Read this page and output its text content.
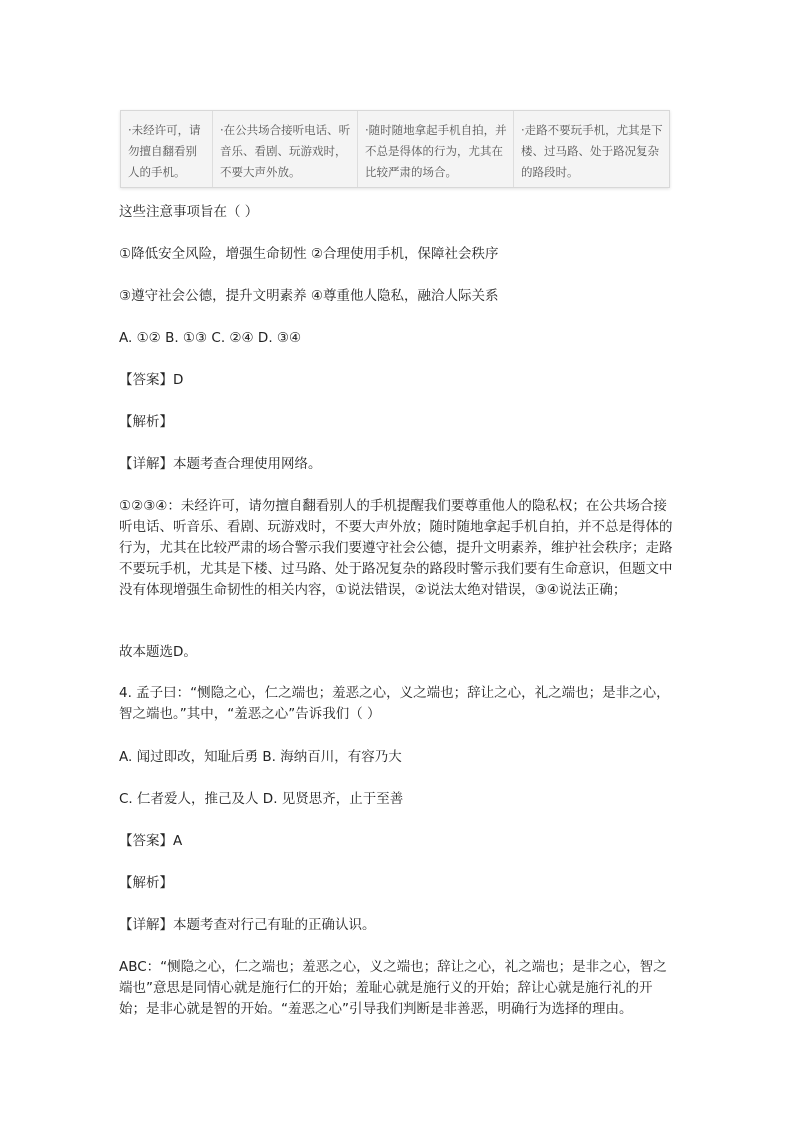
·未经许可，请勿擅自翻看别人的手机。
·在公共场合接听电话、听音乐、看剧、玩游戏时，不要大声外放。
·随时随地拿起手机自拍，并不总是得体的行为，尤其在比较严肃的场合。
·走路不要玩手机，尤其是下楼、过马路、处于路况复杂的路段时。

这些注意事项旨在（ ）

①降低安全风险，增强生命韧性 ②合理使用手机，保障社会秩序

③遵守社会公德，提升文明素养 ④尊重他人隐私，融洽人际关系

A. ①② B. ①③ C. ②④ D. ③④

【答案】D

【解析】

【详解】本题考查合理使用网络。

①②③④：未经许可，请勿擅自翻看别人的手机提醒我们要尊重他人的隐私权；在公共场合接听电话、听音乐、看剧、玩游戏时，不要大声外放；随时随地拿起手机自拍，并不总是得体的行为，尤其在比较严肃的场合警示我们要遵守社会公德，提升文明素养，维护社会秩序；走路不要玩手机，尤其是下楼、过马路、处于路况复杂的路段时警示我们要有生命意识，但题文中没有体现增强生命韧性的相关内容，①说法错误，②说法太绝对错误，③④说法正确；

故本题选D。

4. 孟子曰：“恻隐之心，仁之端也；羞恶之心，义之端也；辞让之心，礼之端也；是非之心，智之端也。”其中，“羞恶之心”告诉我们（ ）

A. 闻过即改，知耻后勇 B. 海纳百川，有容乃大

C. 仁者爱人，推己及人 D. 见贤思齐，止于至善

【答案】A

【解析】

【详解】本题考查对行己有耻的正确认识。

ABC：“恻隐之心，仁之端也；羞恶之心，义之端也；辞让之心，礼之端也；是非之心，智之端也”意思是同情心就是施行仁的开始；羞耻心就是施行义的开始；辞让心就是施行礼的开始；是非心就是智的开始。“羞恶之心”引导我们判断是非善恶，明确行为选择的理由。
